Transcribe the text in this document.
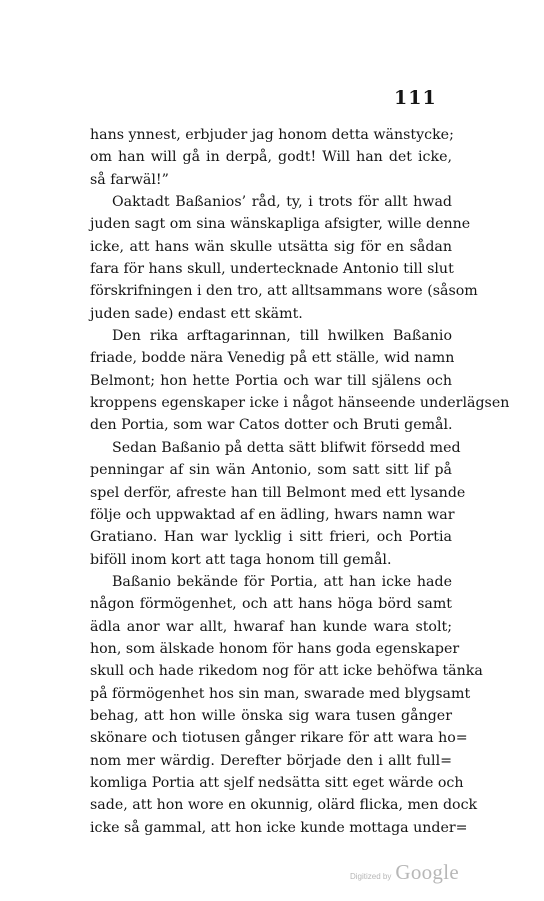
111
hans ynnest, erbjuder jag honom detta wänstycke;
om han will gå in derpå, godt! Will han det icke,
så farwäl!”
Oaktadt Baßanios’ råd, ty, i trots för allt hwad
juden sagt om sina wänskapliga afsigter, wille denne
icke, att hans wän skulle utsätta sig för en sådan
fara för hans skull, undertecknade Antonio till slut
förskrifningen i den tro, att alltsammans wore (såsom
juden sade) endast ett skämt.
Den rika arftagarinnan, till hwilken Baßanio
friade, bodde nära Venedig på ett ställe, wid namn
Belmont; hon hette Portia och war till själens och
kroppens egenskaper icke i något hänseende underlägsen
den Portia, som war Catos dotter och Bruti gemål.
Sedan Baßanio på detta sätt blifwit försedd med
penningar af sin wän Antonio, som satt sitt lif på
spel derför, afreste han till Belmont med ett lysande
följe och uppwaktad af en ädling, hwars namn war
Gratiano. Han war lycklig i sitt frieri, och Portia
biföll inom kort att taga honom till gemål.
Baßanio bekände för Portia, att han icke hade
någon förmögenhet, och att hans höga börd samt
ädla anor war allt, hwaraf han kunde wara stolt;
hon, som älskade honom för hans goda egenskaper
skull och hade rikedom nog för att icke behöfwa tänka
på förmögenhet hos sin man, swarade med blygsamt
behag, att hon wille önska sig wara tusen gånger
skönare och tiotusen gånger rikare för att wara ho=
nom mer wärdig. Derefter började den i allt full=
komliga Portia att sjelf nedsätta sitt eget wärde och
sade, att hon wore en okunnig, olärd flicka, men dock
icke så gammal, att hon icke kunde mottaga under=
Digitized by Google
